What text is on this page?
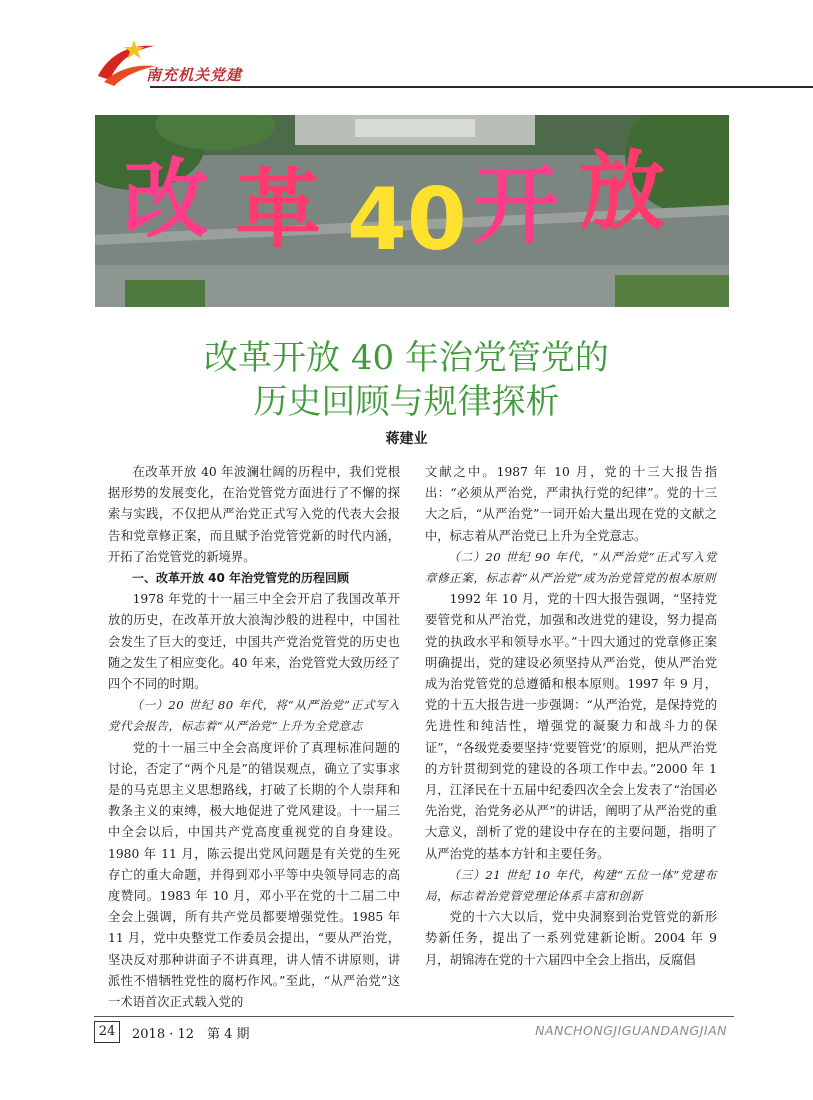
南充机关党建
改 革 40 开 放
改革开放 40 年治党管党的
历史回顾与规律探析
蒋建业

在改革开放 40 年波澜壮阔的历程中，我们党根据形势的发展变化，在治党管党方面进行了不懈的探索与实践，不仅把从严治党正式写入党的代表大会报告和党章修正案，而且赋予治党管党新的时代内涵，开拓了治党管党的新境界。

一、改革开放 40 年治党管党的历程回顾

1978 年党的十一届三中全会开启了我国改革开放的历史，在改革开放大浪淘沙般的进程中，中国社会发生了巨大的变迁，中国共产党治党管党的历史也随之发生了相应变化。40 年来，治党管党大致历经了四个不同的时期。

（一）20 世纪 80 年代，将“从严治党”正式写入党代会报告，标志着“从严治党”上升为全党意志

党的十一届三中全会高度评价了真理标准问题的讨论，否定了“两个凡是”的错误观点，确立了实事求是的马克思主义思想路线，打破了长期的个人崇拜和教条主义的束缚，极大地促进了党风建设。十一届三中全会以后，中国共产党高度重视党的自身建设。1980 年 11 月，陈云提出党风问题是有关党的生死存亡的重大命题，并得到邓小平等中央领导同志的高度赞同。1983 年 10 月，邓小平在党的十二届二中全会上强调，所有共产党员都要增强党性。1985 年 11 月，党中央整党工作委员会提出，“要从严治党，坚决反对那种讲面子不讲真理，讲人情不讲原则，讲派性不惜牺牲党性的腐朽作风。”至此，“从严治党”这一术语首次正式载入党的

文献之中。1987 年 10 月，党的十三大报告指出：“必须从严治党，严肃执行党的纪律”。党的十三大之后，“从严治党”一词开始大量出现在党的文献之中，标志着从严治党已上升为全党意志。

（二）20 世纪 90 年代，“从严治党”正式写入党章修正案，标志着“从严治党”成为治党管党的根本原则

1992 年 10 月，党的十四大报告强调，“坚持党要管党和从严治党，加强和改进党的建设，努力提高党的执政水平和领导水平。”十四大通过的党章修正案明确提出，党的建设必须坚持从严治党，使从严治党成为治党管党的总遵循和根本原则。1997 年 9 月，党的十五大报告进一步强调：“从严治党，是保持党的先进性和纯洁性，增强党的凝聚力和战斗力的保证”，“各级党委要坚持‘党要管党’的原则，把从严治党的方针贯彻到党的建设的各项工作中去。”2000 年 1 月，江泽民在十五届中纪委四次全会上发表了“治国必先治党，治党务必从严”的讲话，阐明了从严治党的重大意义，剖析了党的建设中存在的主要问题，指明了从严治党的基本方针和主要任务。

（三）21 世纪 10 年代，构建“五位一体”党建布局，标志着治党管党理论体系丰富和创新

党的十六大以后，党中央洞察到治党管党的新形势新任务，提出了一系列党建新论断。2004 年 9 月，胡锦涛在党的十六届四中全会上指出，反腐倡

24	2018 · 12　第 4 期	NANCHONGJIGUANDANGJIAN
